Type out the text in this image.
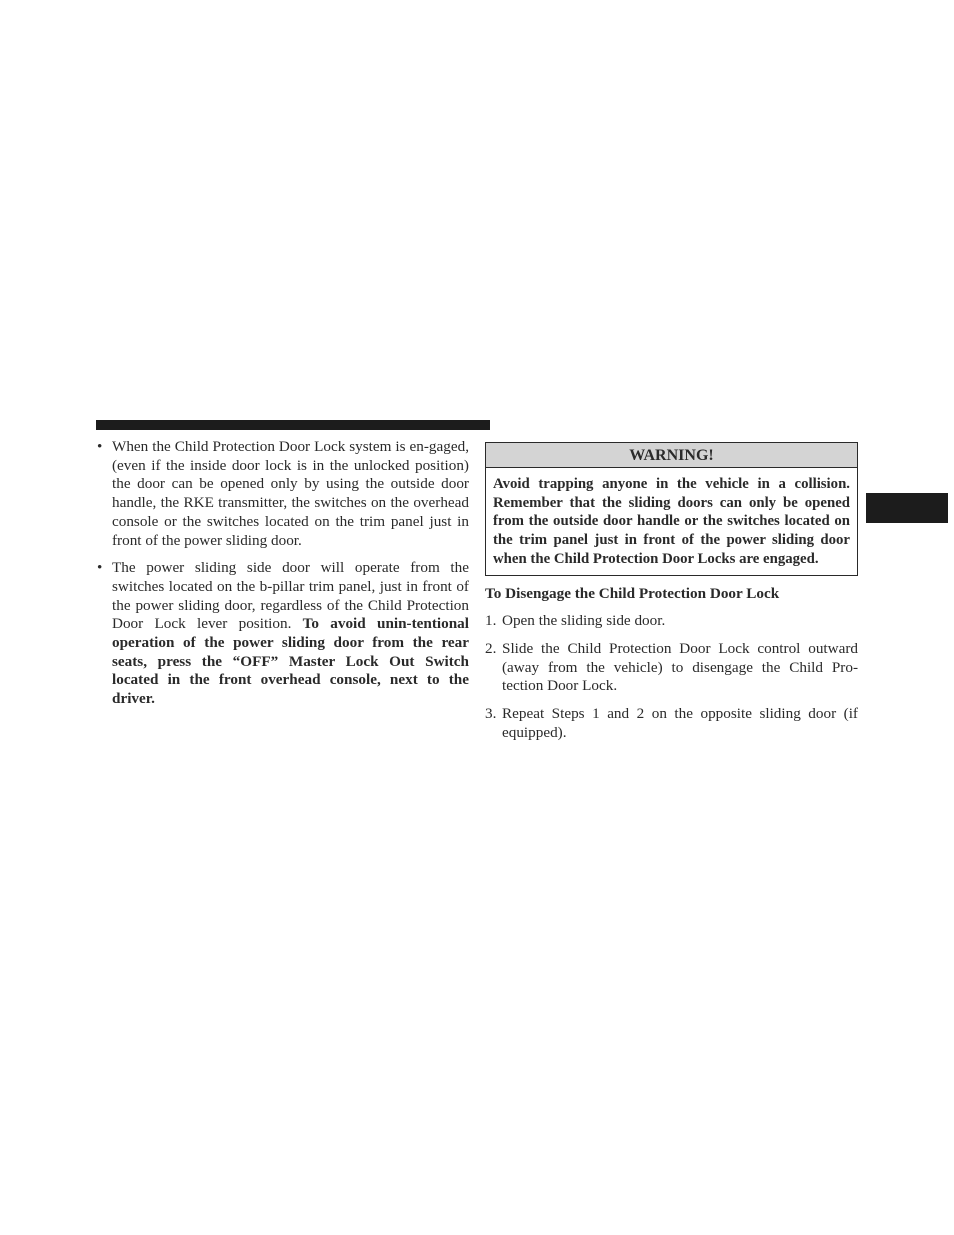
• When the Child Protection Door Lock system is en-gaged, (even if the inside door lock is in the unlocked position) the door can be opened only by using the outside door handle, the RKE transmitter, the switches on the overhead console or the switches located on the trim panel just in front of the power sliding door.
• The power sliding side door will operate from the switches located on the b-pillar trim panel, just in front of the power sliding door, regardless of the Child Protection Door Lock lever position. To avoid unin-tentional operation of the power sliding door from the rear seats, press the “OFF” Master Lock Out Switch located in the front overhead console, next to the driver.
WARNING!
Avoid trapping anyone in the vehicle in a collision. Remember that the sliding doors can only be opened from the outside door handle or the switches located on the trim panel just in front of the power sliding door when the Child Protection Door Locks are engaged.
To Disengage the Child Protection Door Lock
1. Open the sliding side door.
2. Slide the Child Protection Door Lock control outward (away from the vehicle) to disengage the Child Pro-tection Door Lock.
3. Repeat Steps 1 and 2 on the opposite sliding door (if equipped).
